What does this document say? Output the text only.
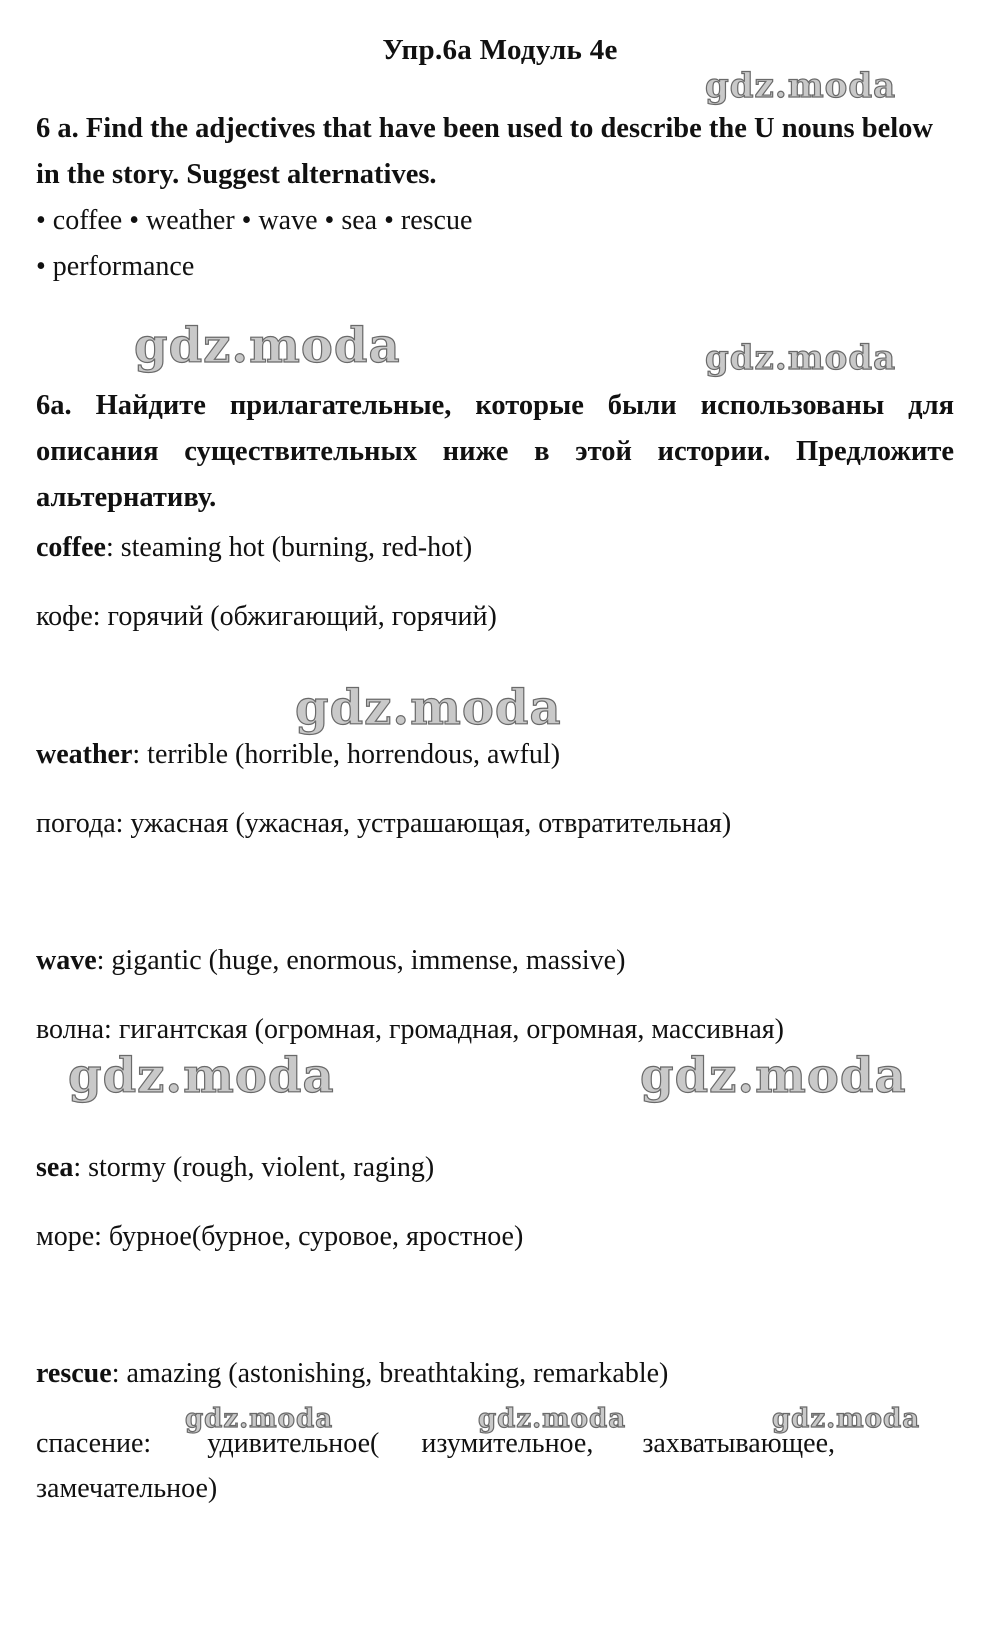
Упр.6а Модуль 4е
6 a. Find the adjectives that have been used to describe the U nouns below in the story. Suggest alternatives.
• coffee • weather • wave • sea • rescue
• performance
6a. Найдите прилагательные, которые были использованы для описания существительных ниже в этой истории. Предложите альтернативу.
coffee: steaming hot (burning, red-hot)
кофе: горячий (обжигающий, горячий)
weather: terrible (horrible, horrendous, awful)
погода: ужасная (ужасная, устрашающая, отвратительная)
wave: gigantic (huge, enormous, immense, massive)
волна: гигантская (огромная, громадная, огромная, массивная)
sea: stormy (rough, violent, raging)
море: бурное(бурное, суровое, яростное)
rescue: amazing (astonishing, breathtaking, remarkable)
спасение:        удивительное(      изумительное,       захватывающее,
замечательное)
gdz.moda
gdz.moda	gdz.moda
gdz.moda
gdz.moda	gdz.moda
gdz.moda	gdz.moda	gdz.moda
